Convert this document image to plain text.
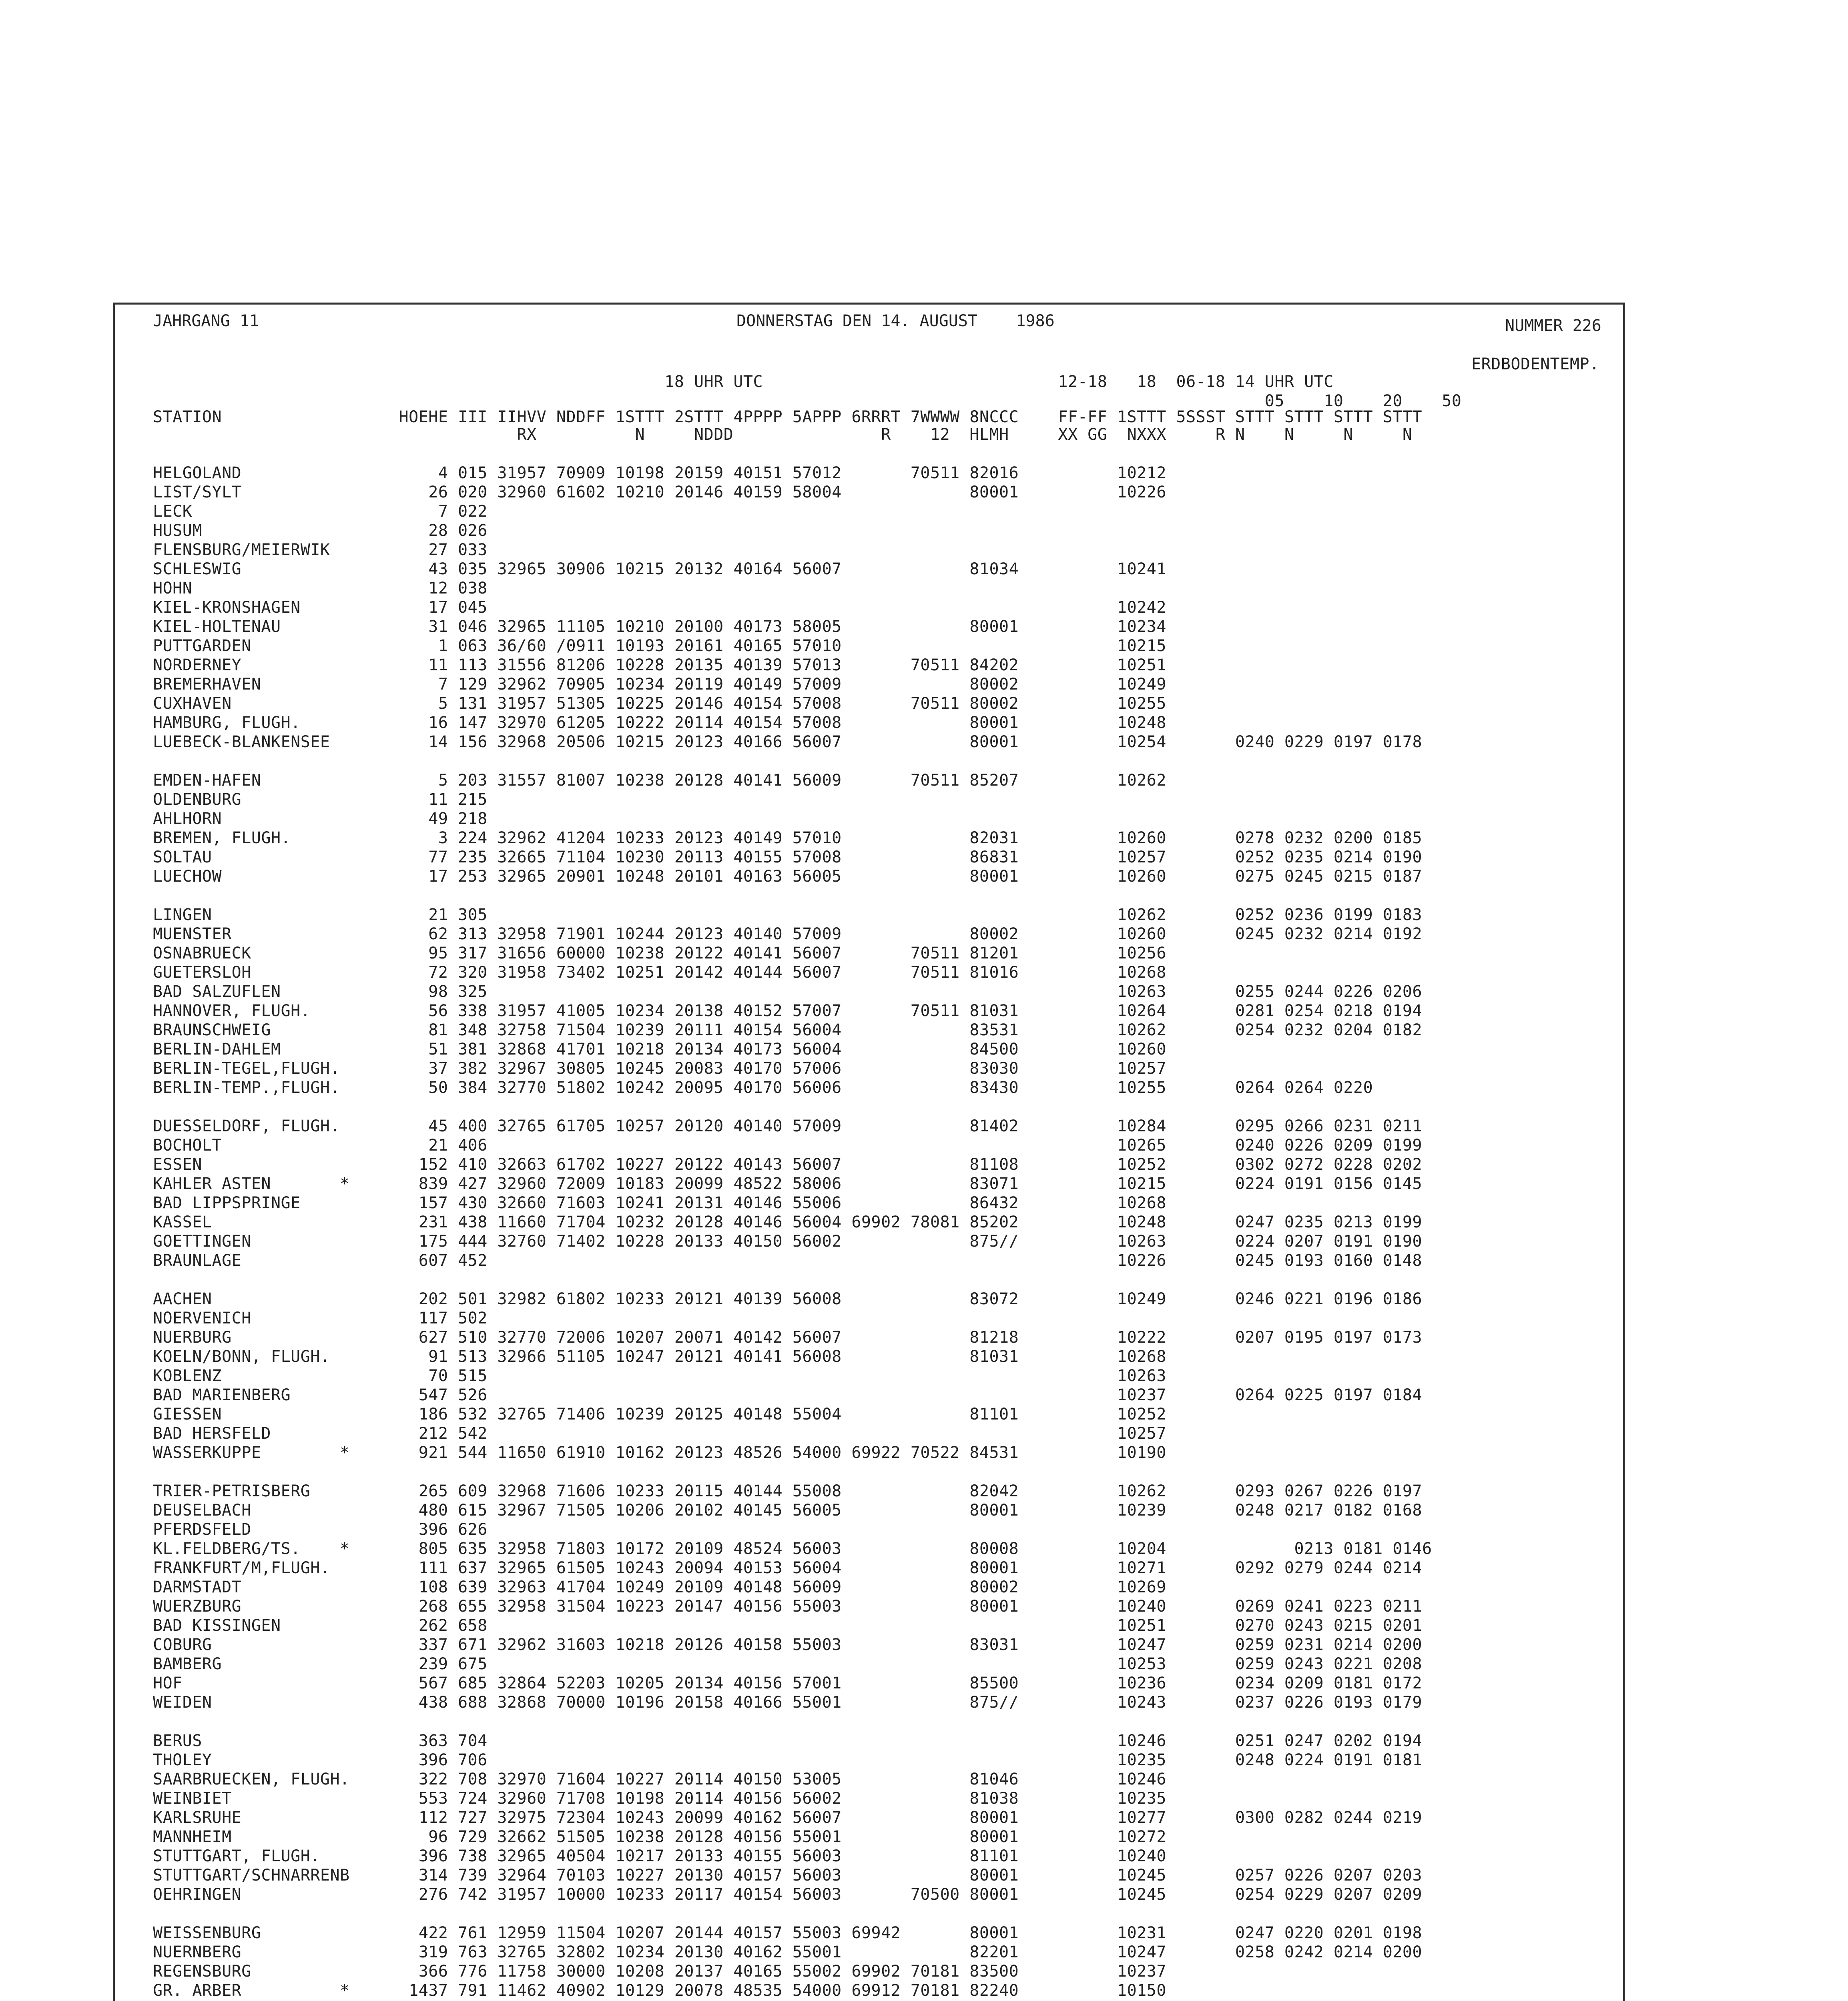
JAHRGANG 11	DONNERSTAG DEN 14. AUGUST    1986	NUMMER 226
ERDBODENTEMP.
18 UHR UTC                              12-18   18  06-18 14 UHR UTC
05    10    20    50
STATION                  HOEHE III IIHVV NDDFF 1STTT 2STTT 4PPPP 5APPP 6RRRT 7WWWW 8NCCC    FF-FF 1STTT 5SSST STTT STTT STTT STTT
RX          N     NDDD               R    12  HLMH     XX GG  NXXX     R N    N     N     N
HELGOLAND                    4 015 31957 70909 10198 20159 40151 57012       70511 82016          10212
LIST/SYLT                   26 020 32960 61602 10210 20146 40159 58004             80001          10226
LECK                         7 022
HUSUM                       28 026
FLENSBURG/MEIERWIK          27 033
SCHLESWIG                   43 035 32965 30906 10215 20132 40164 56007             81034          10241
HOHN                        12 038
KIEL-KRONSHAGEN             17 045                                                                10242
KIEL-HOLTENAU               31 046 32965 11105 10210 20100 40173 58005             80001          10234
PUTTGARDEN                   1 063 36/60 /0911 10193 20161 40165 57010                            10215
NORDERNEY                   11 113 31556 81206 10228 20135 40139 57013       70511 84202          10251
BREMERHAVEN                  7 129 32962 70905 10234 20119 40149 57009             80002          10249
CUXHAVEN                     5 131 31957 51305 10225 20146 40154 57008       70511 80002          10255
HAMBURG, FLUGH.             16 147 32970 61205 10222 20114 40154 57008             80001          10248
LUEBECK-BLANKENSEE          14 156 32968 20506 10215 20123 40166 56007             80001          10254       0240 0229 0197 0178
EMDEN-HAFEN                  5 203 31557 81007 10238 20128 40141 56009       70511 85207          10262
OLDENBURG                   11 215
AHLHORN                     49 218
BREMEN, FLUGH.               3 224 32962 41204 10233 20123 40149 57010             82031          10260       0278 0232 0200 0185
SOLTAU                      77 235 32665 71104 10230 20113 40155 57008             86831          10257       0252 0235 0214 0190
LUECHOW                     17 253 32965 20901 10248 20101 40163 56005             80001          10260       0275 0245 0215 0187
LINGEN                      21 305                                                                10262       0252 0236 0199 0183
MUENSTER                    62 313 32958 71901 10244 20123 40140 57009             80002          10260       0245 0232 0214 0192
OSNABRUECK                  95 317 31656 60000 10238 20122 40141 56007       70511 81201          10256
GUETERSLOH                  72 320 31958 73402 10251 20142 40144 56007       70511 81016          10268
BAD SALZUFLEN               98 325                                                                10263       0255 0244 0226 0206
HANNOVER, FLUGH.            56 338 31957 41005 10234 20138 40152 57007       70511 81031          10264       0281 0254 0218 0194
BRAUNSCHWEIG                81 348 32758 71504 10239 20111 40154 56004             83531          10262       0254 0232 0204 0182
BERLIN-DAHLEM               51 381 32868 41701 10218 20134 40173 56004             84500          10260
BERLIN-TEGEL,FLUGH.         37 382 32967 30805 10245 20083 40170 57006             83030          10257
BERLIN-TEMP.,FLUGH.         50 384 32770 51802 10242 20095 40170 56006             83430          10255       0264 0264 0220
DUESSELDORF, FLUGH.         45 400 32765 61705 10257 20120 40140 57009             81402          10284       0295 0266 0231 0211
BOCHOLT                     21 406                                                                10265       0240 0226 0209 0199
ESSEN                      152 410 32663 61702 10227 20122 40143 56007             81108          10252       0302 0272 0228 0202
KAHLER ASTEN       *       839 427 32960 72009 10183 20099 48522 58006             83071          10215       0224 0191 0156 0145
BAD LIPPSPRINGE            157 430 32660 71603 10241 20131 40146 55006             86432          10268
KASSEL                     231 438 11660 71704 10232 20128 40146 56004 69902 78081 85202          10248       0247 0235 0213 0199
GOETTINGEN                 175 444 32760 71402 10228 20133 40150 56002             875//          10263       0224 0207 0191 0190
BRAUNLAGE                  607 452                                                                10226       0245 0193 0160 0148
AACHEN                     202 501 32982 61802 10233 20121 40139 56008             83072          10249       0246 0221 0196 0186
NOERVENICH                 117 502
NUERBURG                   627 510 32770 72006 10207 20071 40142 56007             81218          10222       0207 0195 0197 0173
KOELN/BONN, FLUGH.          91 513 32966 51105 10247 20121 40141 56008             81031          10268
KOBLENZ                     70 515                                                                10263
BAD MARIENBERG             547 526                                                                10237       0264 0225 0197 0184
GIESSEN                    186 532 32765 71406 10239 20125 40148 55004             81101          10252
BAD HERSFELD               212 542                                                                10257
WASSERKUPPE        *       921 544 11650 61910 10162 20123 48526 54000 69922 70522 84531          10190
TRIER-PETRISBERG           265 609 32968 71606 10233 20115 40144 55008             82042          10262       0293 0267 0226 0197
DEUSELBACH                 480 615 32967 71505 10206 20102 40145 56005             80001          10239       0248 0217 0182 0168
PFERDSFELD                 396 626
KL.FELDBERG/TS.    *       805 635 32958 71803 10172 20109 48524 56003             80008          10204             0213 0181 0146
FRANKFURT/M,FLUGH.         111 637 32965 61505 10243 20094 40153 56004             80001          10271       0292 0279 0244 0214
DARMSTADT                  108 639 32963 41704 10249 20109 40148 56009             80002          10269
WUERZBURG                  268 655 32958 31504 10223 20147 40156 55003             80001          10240       0269 0241 0223 0211
BAD KISSINGEN              262 658                                                                10251       0270 0243 0215 0201
COBURG                     337 671 32962 31603 10218 20126 40158 55003             83031          10247       0259 0231 0214 0200
BAMBERG                    239 675                                                                10253       0259 0243 0221 0208
HOF                        567 685 32864 52203 10205 20134 40156 57001             85500          10236       0234 0209 0181 0172
WEIDEN                     438 688 32868 70000 10196 20158 40166 55001             875//          10243       0237 0226 0193 0179
BERUS                      363 704                                                                10246       0251 0247 0202 0194
THOLEY                     396 706                                                                10235       0248 0224 0191 0181
SAARBRUECKEN, FLUGH.       322 708 32970 71604 10227 20114 40150 53005             81046          10246
WEINBIET                   553 724 32960 71708 10198 20114 40156 56002             81038          10235
KARLSRUHE                  112 727 32975 72304 10243 20099 40162 56007             80001          10277       0300 0282 0244 0219
MANNHEIM                    96 729 32662 51505 10238 20128 40156 55001             80001          10272
STUTTGART, FLUGH.          396 738 32965 40504 10217 20133 40155 56003             81101          10240
STUTTGART/SCHNARRENB       314 739 32964 70103 10227 20130 40157 56003             80001          10245       0257 0226 0207 0203
OEHRINGEN                  276 742 31957 10000 10233 20117 40154 56003       70500 80001          10245       0254 0229 0207 0209
WEISSENBURG                422 761 12959 11504 10207 20144 40157 55003 69942       80001          10231       0247 0220 0201 0198
NUERNBERG                  319 763 32765 32802 10234 20130 40162 55001             82201          10247       0258 0242 0214 0200
REGENSBURG                 366 776 11758 30000 10208 20137 40165 55002 69902 70181 83500          10237
GR. ARBER          *      1437 791 11462 40902 10129 20078 48535 54000 69912 70181 82240          10150
